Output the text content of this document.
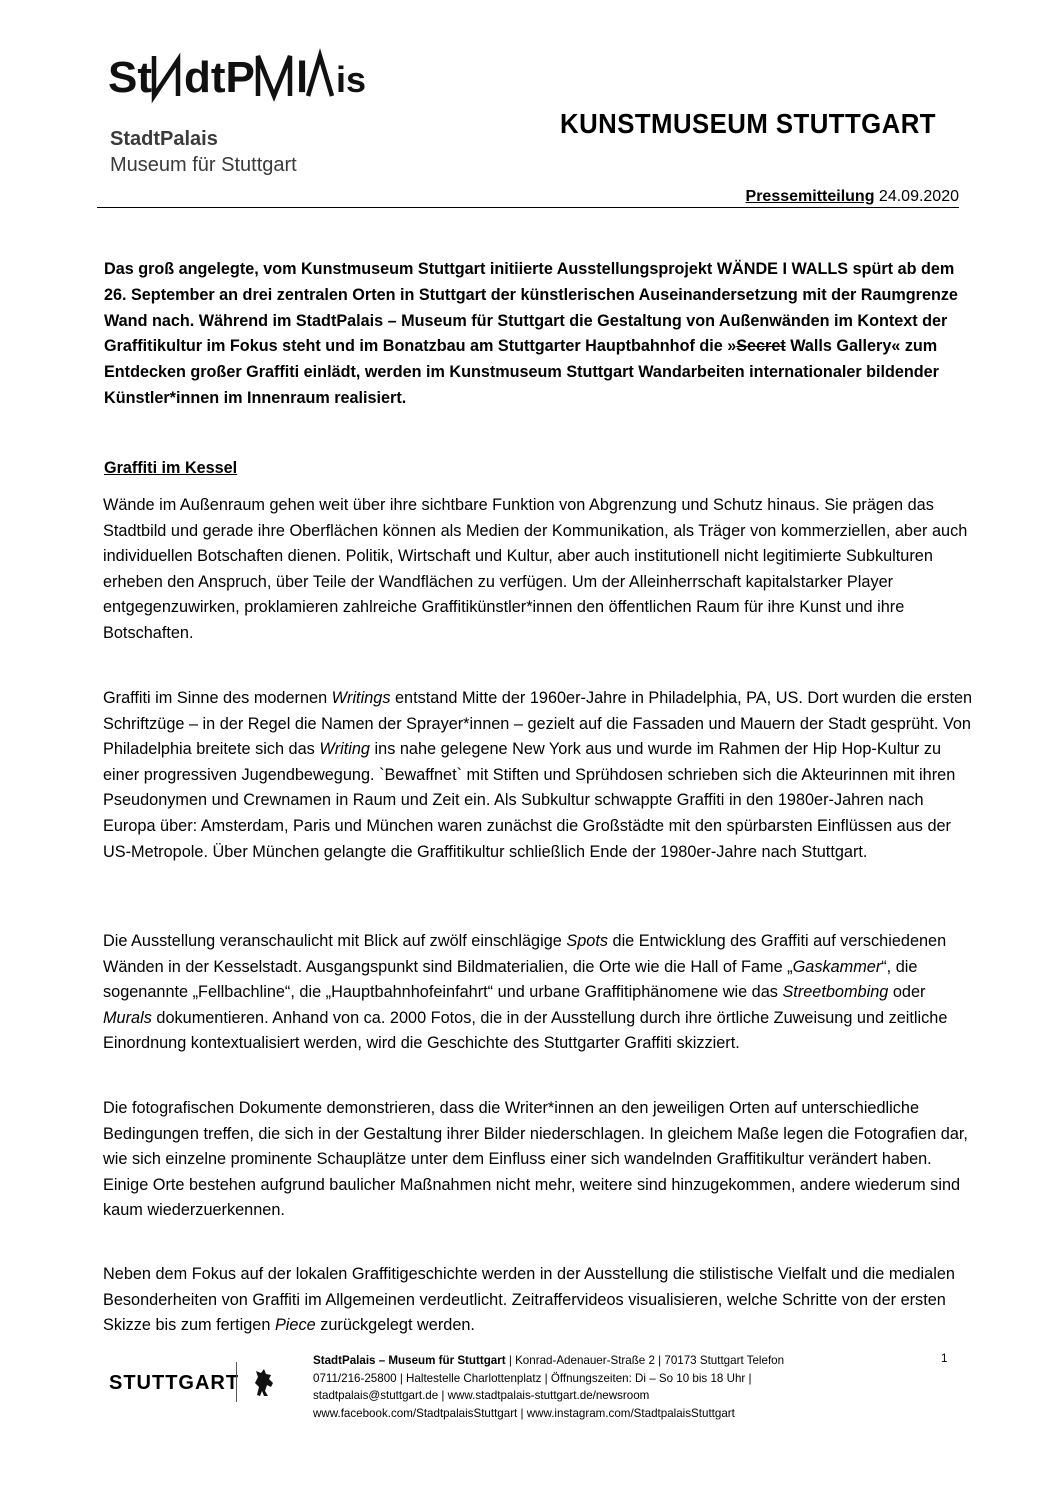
St dtP l is
StadtPalais
Museum für Stuttgart
KUNSTMUSEUM STUTTGART
Pressemitteilung 24.09.2020
Das groß angelegte, vom Kunstmuseum Stuttgart initiierte Ausstellungsprojekt WÄNDE I WALLS spürt ab dem 26. September an drei zentralen Orten in Stuttgart der künstlerischen Auseinandersetzung mit der Raumgrenze Wand nach. Während im StadtPalais – Museum für Stuttgart die Gestaltung von Außenwänden im Kontext der Graffitikultur im Fokus steht und im Bonatzbau am Stuttgarter Hauptbahnhof die »Secret Walls Gallery« zum Entdecken großer Graffiti einlädt, werden im Kunstmuseum Stuttgart Wandarbeiten internationaler bildender Künstler*innen im Innenraum realisiert.
Graffiti im Kessel
Wände im Außenraum gehen weit über ihre sichtbare Funktion von Abgrenzung und Schutz hinaus. Sie prägen das Stadtbild und gerade ihre Oberflächen können als Medien der Kommunikation, als Träger von kommerziellen, aber auch individuellen Botschaften dienen. Politik, Wirtschaft und Kultur, aber auch institutionell nicht legitimierte Subkulturen erheben den Anspruch, über Teile der Wandflächen zu verfügen. Um der Alleinherrschaft kapitalstarker Player entgegenzuwirken, proklamieren zahlreiche Graffitikünstler*innen den öffentlichen Raum für ihre Kunst und ihre Botschaften.
Graffiti im Sinne des modernen Writings entstand Mitte der 1960er-Jahre in Philadelphia, PA, US. Dort wurden die ersten Schriftzüge – in der Regel die Namen der Sprayer*innen – gezielt auf die Fassaden und Mauern der Stadt gesprüht. Von Philadelphia breitete sich das Writing ins nahe gelegene New York aus und wurde im Rahmen der Hip Hop-Kultur zu einer progressiven Jugendbewegung. `Bewaffnet` mit Stiften und Sprühdosen schrieben sich die Akteurinnen mit ihren Pseudonymen und Crewnamen in Raum und Zeit ein. Als Subkultur schwappte Graffiti in den 1980er-Jahren nach Europa über: Amsterdam, Paris und München waren zunächst die Großstädte mit den spürbarsten Einflüssen aus der US-Metropole. Über München gelangte die Graffitikultur schließlich Ende der 1980er-Jahre nach Stuttgart.
Die Ausstellung veranschaulicht mit Blick auf zwölf einschlägige Spots die Entwicklung des Graffiti auf verschiedenen Wänden in der Kesselstadt. Ausgangspunkt sind Bildmaterialien, die Orte wie die Hall of Fame „Gaskammer“, die sogenannte „Fellbachline“, die „Hauptbahnhofeinfahrt“ und urbane Graffitiphänomene wie das Streetbombing oder Murals dokumentieren. Anhand von ca. 2000 Fotos, die in der Ausstellung durch ihre örtliche Zuweisung und zeitliche Einordnung kontextualisiert werden, wird die Geschichte des Stuttgarter Graffiti skizziert.
Die fotografischen Dokumente demonstrieren, dass die Writer*innen an den jeweiligen Orten auf unterschiedliche Bedingungen treffen, die sich in der Gestaltung ihrer Bilder niederschlagen. In gleichem Maße legen die Fotografien dar, wie sich einzelne prominente Schauplätze unter dem Einfluss einer sich wandelnden Graffitikultur verändert haben. Einige Orte bestehen aufgrund baulicher Maßnahmen nicht mehr, weitere sind hinzugekommen, andere wiederum sind kaum wiederzuerkennen.
Neben dem Fokus auf der lokalen Graffitigeschichte werden in der Ausstellung die stilistische Vielfalt und die medialen Besonderheiten von Graffiti im Allgemeinen verdeutlicht. Zeitraffervideos visualisieren, welche Schritte von der ersten Skizze bis zum fertigen Piece zurückgelegt werden.
STUTTGART
StadtPalais – Museum für Stuttgart | Konrad-Adenauer-Straße 2 | 70173 Stuttgart Telefon
0711/216-25800 | Haltestelle Charlottenplatz | Öffnungszeiten: Di – So 10 bis 18 Uhr |
stadtpalais@stuttgart.de | www.stadtpalais-stuttgart.de/newsroom
www.facebook.com/StadtpalaisStuttgart | www.instagram.com/StadtpalaisStuttgart
1
